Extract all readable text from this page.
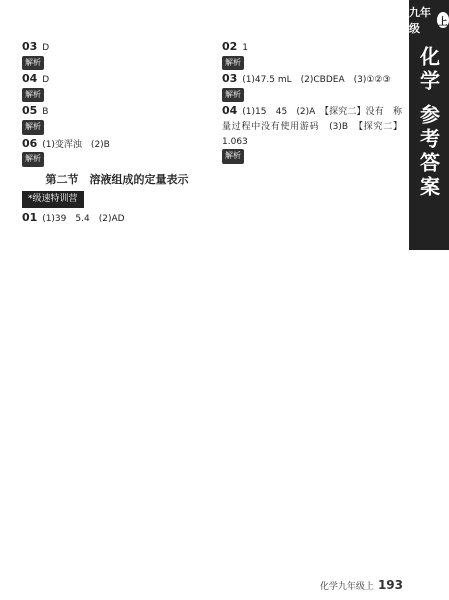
九年级	上
化学
参考答案
03 D
解析
04 D
解析
05 B
解析
06 (1)变浑浊　(2)B
解析
第二节　溶液组成的定量表示
*级速特训营
01 (1)39　5.4　(2)AD
02 1
解析
03 (1)47.5 mL　(2)CBDEA　(3)①②③
解析
04 (1)15　45　(2)A　【探究二】没有　称量过程中没有使用游码　(3)B　【探究二】1.063
解析
化学九年级上 193
